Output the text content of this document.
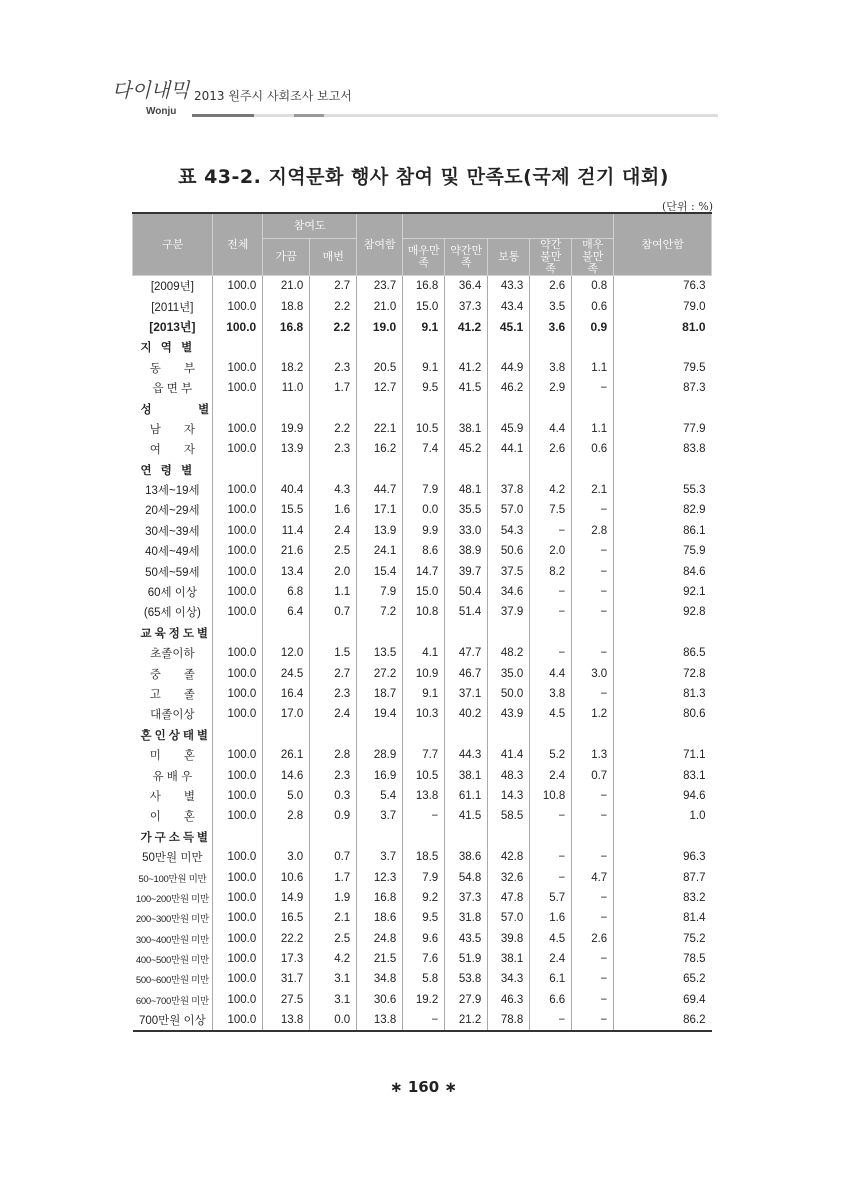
다이내믹
Wonju
2013 원주시 사회조사 보고서
표 43-2. 지역문화 행사 참여 및 만족도(국제 걷기 대회)
(단위 : %)
구분	전체	참여도		참여함						참여안함
		가끔	매번		매우만족	약간만족	보통	약간 불만족	매우 불만족	
[2009년]	100.0	21.0	2.7	23.7	16.8	36.4	43.3	2.6	0.8	76.3
[2011년]	100.0	18.8	2.2	21.0	15.0	37.3	43.4	3.5	0.6	79.0
[2013년]	100.0	16.8	2.2	19.0	9.1	41.2	45.1	3.6	0.9	81.0
지 역 별										
동　　부	100.0	18.2	2.3	20.5	9.1	41.2	44.9	3.8	1.1	79.5
읍 면 부	100.0	11.0	1.7	12.7	9.5	41.5	46.2	2.9	−	87.3
성　　　별										
남　　자	100.0	19.9	2.2	22.1	10.5	38.1	45.9	4.4	1.1	77.9
여　　자	100.0	13.9	2.3	16.2	7.4	45.2	44.1	2.6	0.6	83.8
연 령 별										
13세~19세	100.0	40.4	4.3	44.7	7.9	48.1	37.8	4.2	2.1	55.3
20세~29세	100.0	15.5	1.6	17.1	0.0	35.5	57.0	7.5	−	82.9
30세~39세	100.0	11.4	2.4	13.9	9.9	33.0	54.3	−	2.8	86.1
40세~49세	100.0	21.6	2.5	24.1	8.6	38.9	50.6	2.0	−	75.9
50세~59세	100.0	13.4	2.0	15.4	14.7	39.7	37.5	8.2	−	84.6
60세 이상	100.0	6.8	1.1	7.9	15.0	50.4	34.6	−	−	92.1
(65세 이상)	100.0	6.4	0.7	7.2	10.8	51.4	37.9	−	−	92.8
교육정도별										
초졸이하	100.0	12.0	1.5	13.5	4.1	47.7	48.2	−	−	86.5
중　　졸	100.0	24.5	2.7	27.2	10.9	46.7	35.0	4.4	3.0	72.8
고　　졸	100.0	16.4	2.3	18.7	9.1	37.1	50.0	3.8	−	81.3
대졸이상	100.0	17.0	2.4	19.4	10.3	40.2	43.9	4.5	1.2	80.6
혼인상태별										
미　　혼	100.0	26.1	2.8	28.9	7.7	44.3	41.4	5.2	1.3	71.1
유 배 우	100.0	14.6	2.3	16.9	10.5	38.1	48.3	2.4	0.7	83.1
사　　별	100.0	5.0	0.3	5.4	13.8	61.1	14.3	10.8	−	94.6
이　　혼	100.0	2.8	0.9	3.7	−	41.5	58.5	−	−	1.0
가구소득별										
50만원 미만	100.0	3.0	0.7	3.7	18.5	38.6	42.8	−	−	96.3
50~100만원 미만	100.0	10.6	1.7	12.3	7.9	54.8	32.6	−	4.7	87.7
100~200만원 미만	100.0	14.9	1.9	16.8	9.2	37.3	47.8	5.7	−	83.2
200~300만원 미만	100.0	16.5	2.1	18.6	9.5	31.8	57.0	1.6	−	81.4
300~400만원 미만	100.0	22.2	2.5	24.8	9.6	43.5	39.8	4.5	2.6	75.2
400~500만원 미만	100.0	17.3	4.2	21.5	7.6	51.9	38.1	2.4	−	78.5
500~600만원 미만	100.0	31.7	3.1	34.8	5.8	53.8	34.3	6.1	−	65.2
600~700만원 미만	100.0	27.5	3.1	30.6	19.2	27.9	46.3	6.6	−	69.4
700만원 이상	100.0	13.8	0.0	13.8	−	21.2	78.8	−	−	86.2
∗ 160 ∗
